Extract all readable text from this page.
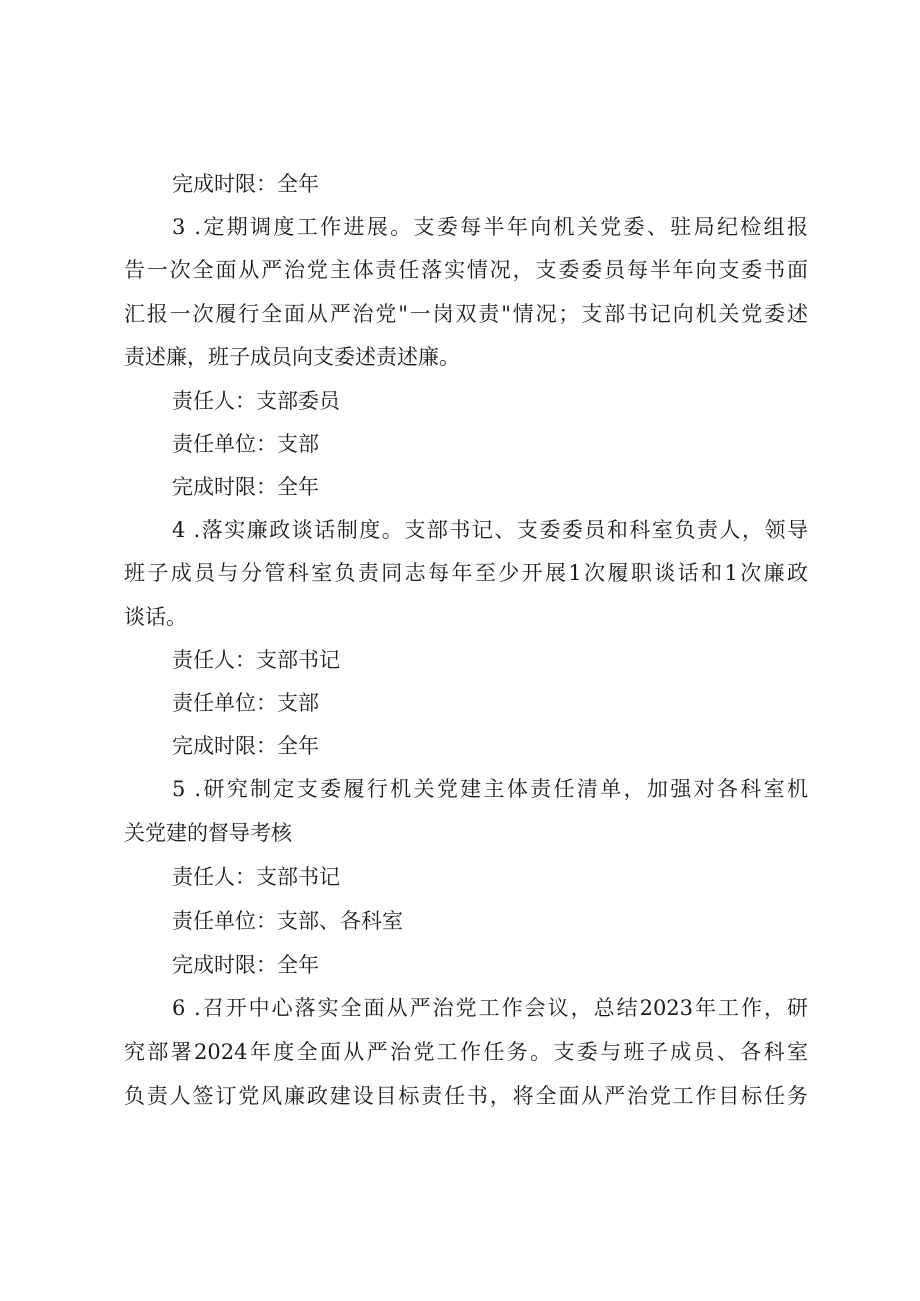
完成时限：全年
3 .定期调度工作进展。支委每半年向机关党委、驻局纪检组报
告一次全面从严治党主体责任落实情况，支委委员每半年向支委书面
汇报一次履行全面从严治党"一岗双责"情况；支部书记向机关党委述
责述廉，班子成员向支委述责述廉。
责任人：支部委员
责任单位：支部
完成时限：全年
4 .落实廉政谈话制度。支部书记、支委委员和科室负责人，领导
班子成员与分管科室负责同志每年至少开展1次履职谈话和1次廉政
谈话。
责任人：支部书记
责任单位：支部
完成时限：全年
5 .研究制定支委履行机关党建主体责任清单，加强对各科室机
关党建的督导考核
责任人：支部书记
责任单位：支部、各科室
完成时限：全年
6 .召开中心落实全面从严治党工作会议，总结2023年工作，研
究部署2024年度全面从严治党工作任务。支委与班子成员、各科室
负责人签订党风廉政建设目标责任书，将全面从严治党工作目标任务
